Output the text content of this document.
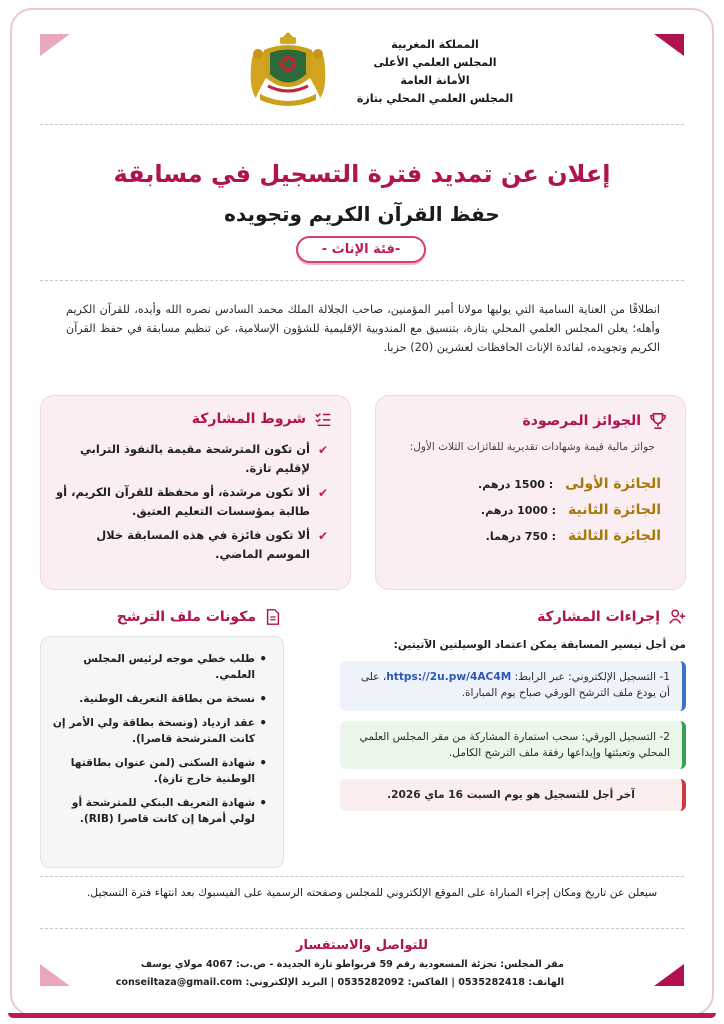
المملكة المغربية
المجلس العلمي الأعلى
الأمانة العامة
المجلس العلمي المحلي بتازة
إعلان عن تمديد فترة التسجيل في مسابقة
حفظ القرآن الكريم وتجويده
-فئة الإناث -

انطلاقًا من العناية السامية التي يوليها مولانا أمير المؤمنين، صاحب الجلالة الملك محمد السادس نصره الله وأيده، للقرآن الكريم وأهله؛ يعلن المجلس العلمي المحلي بتازة، بتنسيق مع المندوبية الإقليمية للشؤون الإسلامية، عن تنظيم مسابقة في حفظ القرآن الكريم وتجويده، لفائدة الإناث الحافظات لعشرين (20) حزبا.

الجوائز المرصودة
جوائز مالية قيمة وشهادات تقديرية للفائزات الثلاث الأول:
الجائزة الأولى: 1500 درهم.
الجائزة الثانية: 1000 درهم.
الجائزة الثالثة: 750 درهما.
شروط المشاركة
✔
أن تكون المترشحة مقيمة بالنفوذ الترابي لإقليم تازة.
✔
ألا تكون مرشدة، أو محفظة للقرآن الكريم، أو طالبة بمؤسسات التعليم العتيق.
✔
ألا تكون فائزة في هذه المسابقة خلال الموسم الماضي.
إجراءات المشاركة
من أجل تيسير المسابقة يمكن اعتماد الوسيلتين الآتيتين:
1- التسجيل الإلكتروني: عبر الرابط: https://2u.pw/4AC4M، على أن يودع ملف الترشح الورقي صباح يوم المباراة.
2- التسجيل الورقي: سحب استمارة المشاركة من مقر المجلس العلمي المحلي وتعبئتها وإيداعها رفقة ملف الترشح الكامل.
آخر أجل للتسجيل هو يوم السبت 16 ماي 2026.
مكونات ملف الترشح
•
طلب خطي موجه لرئيس المجلس العلمي.
•
نسخة من بطاقة التعريف الوطنية.
•
عقد ازدياد (ونسخة بطاقة ولي الأمر إن كانت المترشحة قاصرا).
•
شهادة السكنى (لمن عنوان بطاقتها الوطنية خارج تازة).
•
شهادة التعريف البنكي للمترشحة أو لولي أمرها إن كانت قاصرا (RIB).
سيعلن عن تاريخ ومكان إجراء المباراة على الموقع الإلكتروني للمجلس وصفحته الرسمية على الفيسبوك بعد انتهاء فترة التسجيل.
للتواصل والاستفسار
مقر المجلس: تجزئة المسعودية رقم 59 فربواطو تازة الجديدة - ص.ب: 4067 مولاي يوسف
الهاتف: 0535282418 | الفاكس: 0535282092 | البريد الإلكتروني: conseiltaza@gmail.com
